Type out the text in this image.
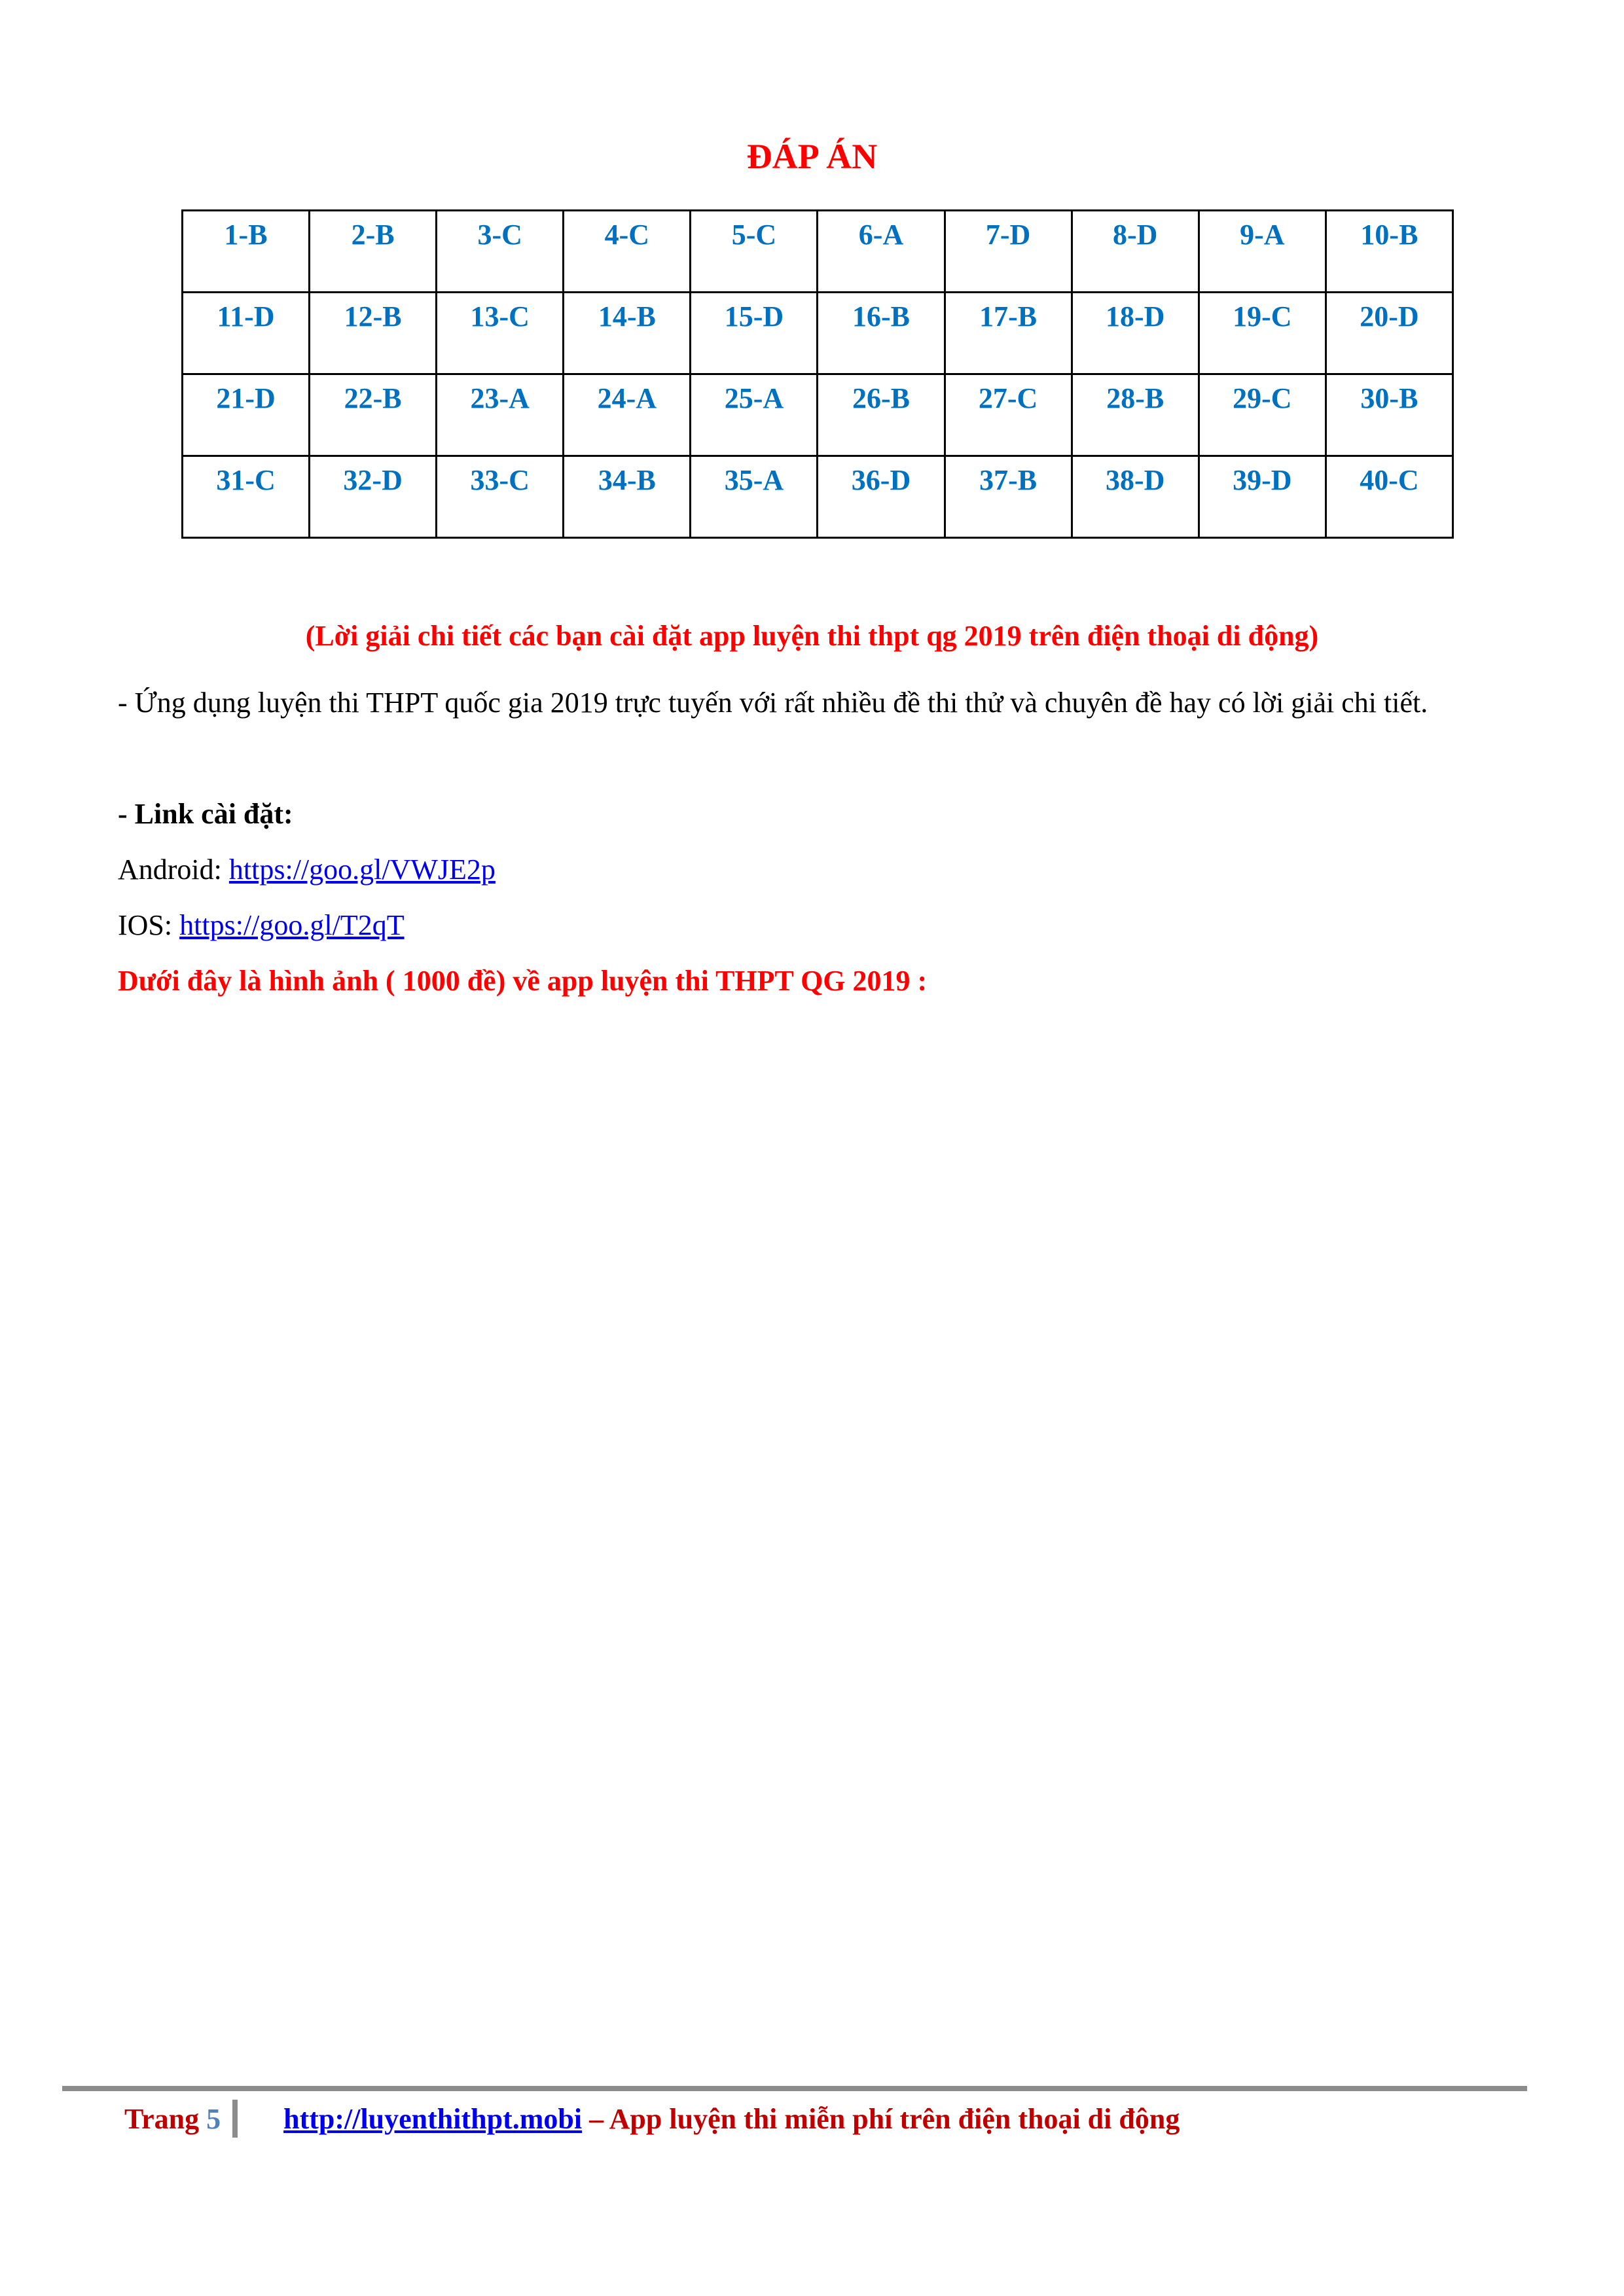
ĐÁP ÁN
1-B	2-B	3-C	4-C	5-C	6-A	7-D	8-D	9-A	10-B
11-D	12-B	13-C	14-B	15-D	16-B	17-B	18-D	19-C	20-D
21-D	22-B	23-A	24-A	25-A	26-B	27-C	28-B	29-C	30-B
31-C	32-D	33-C	34-B	35-A	36-D	37-B	38-D	39-D	40-C
(Lời giải chi tiết các bạn cài đặt app luyện thi thpt qg 2019 trên điện thoại di động)
- Ứng dụng luyện thi THPT quốc gia 2019 trực tuyến với rất nhiều đề thi thử và chuyên đề hay có lời giải chi tiết.
- Link cài đặt:
Android: https://goo.gl/VWJE2p
IOS: https://goo.gl/T2qT
Dưới đây là hình ảnh ( 1000 đề) về app luyện thi THPT QG 2019 :
Trang 5 http://luyenthithpt.mobi – App luyện thi miễn phí trên điện thoại di động
